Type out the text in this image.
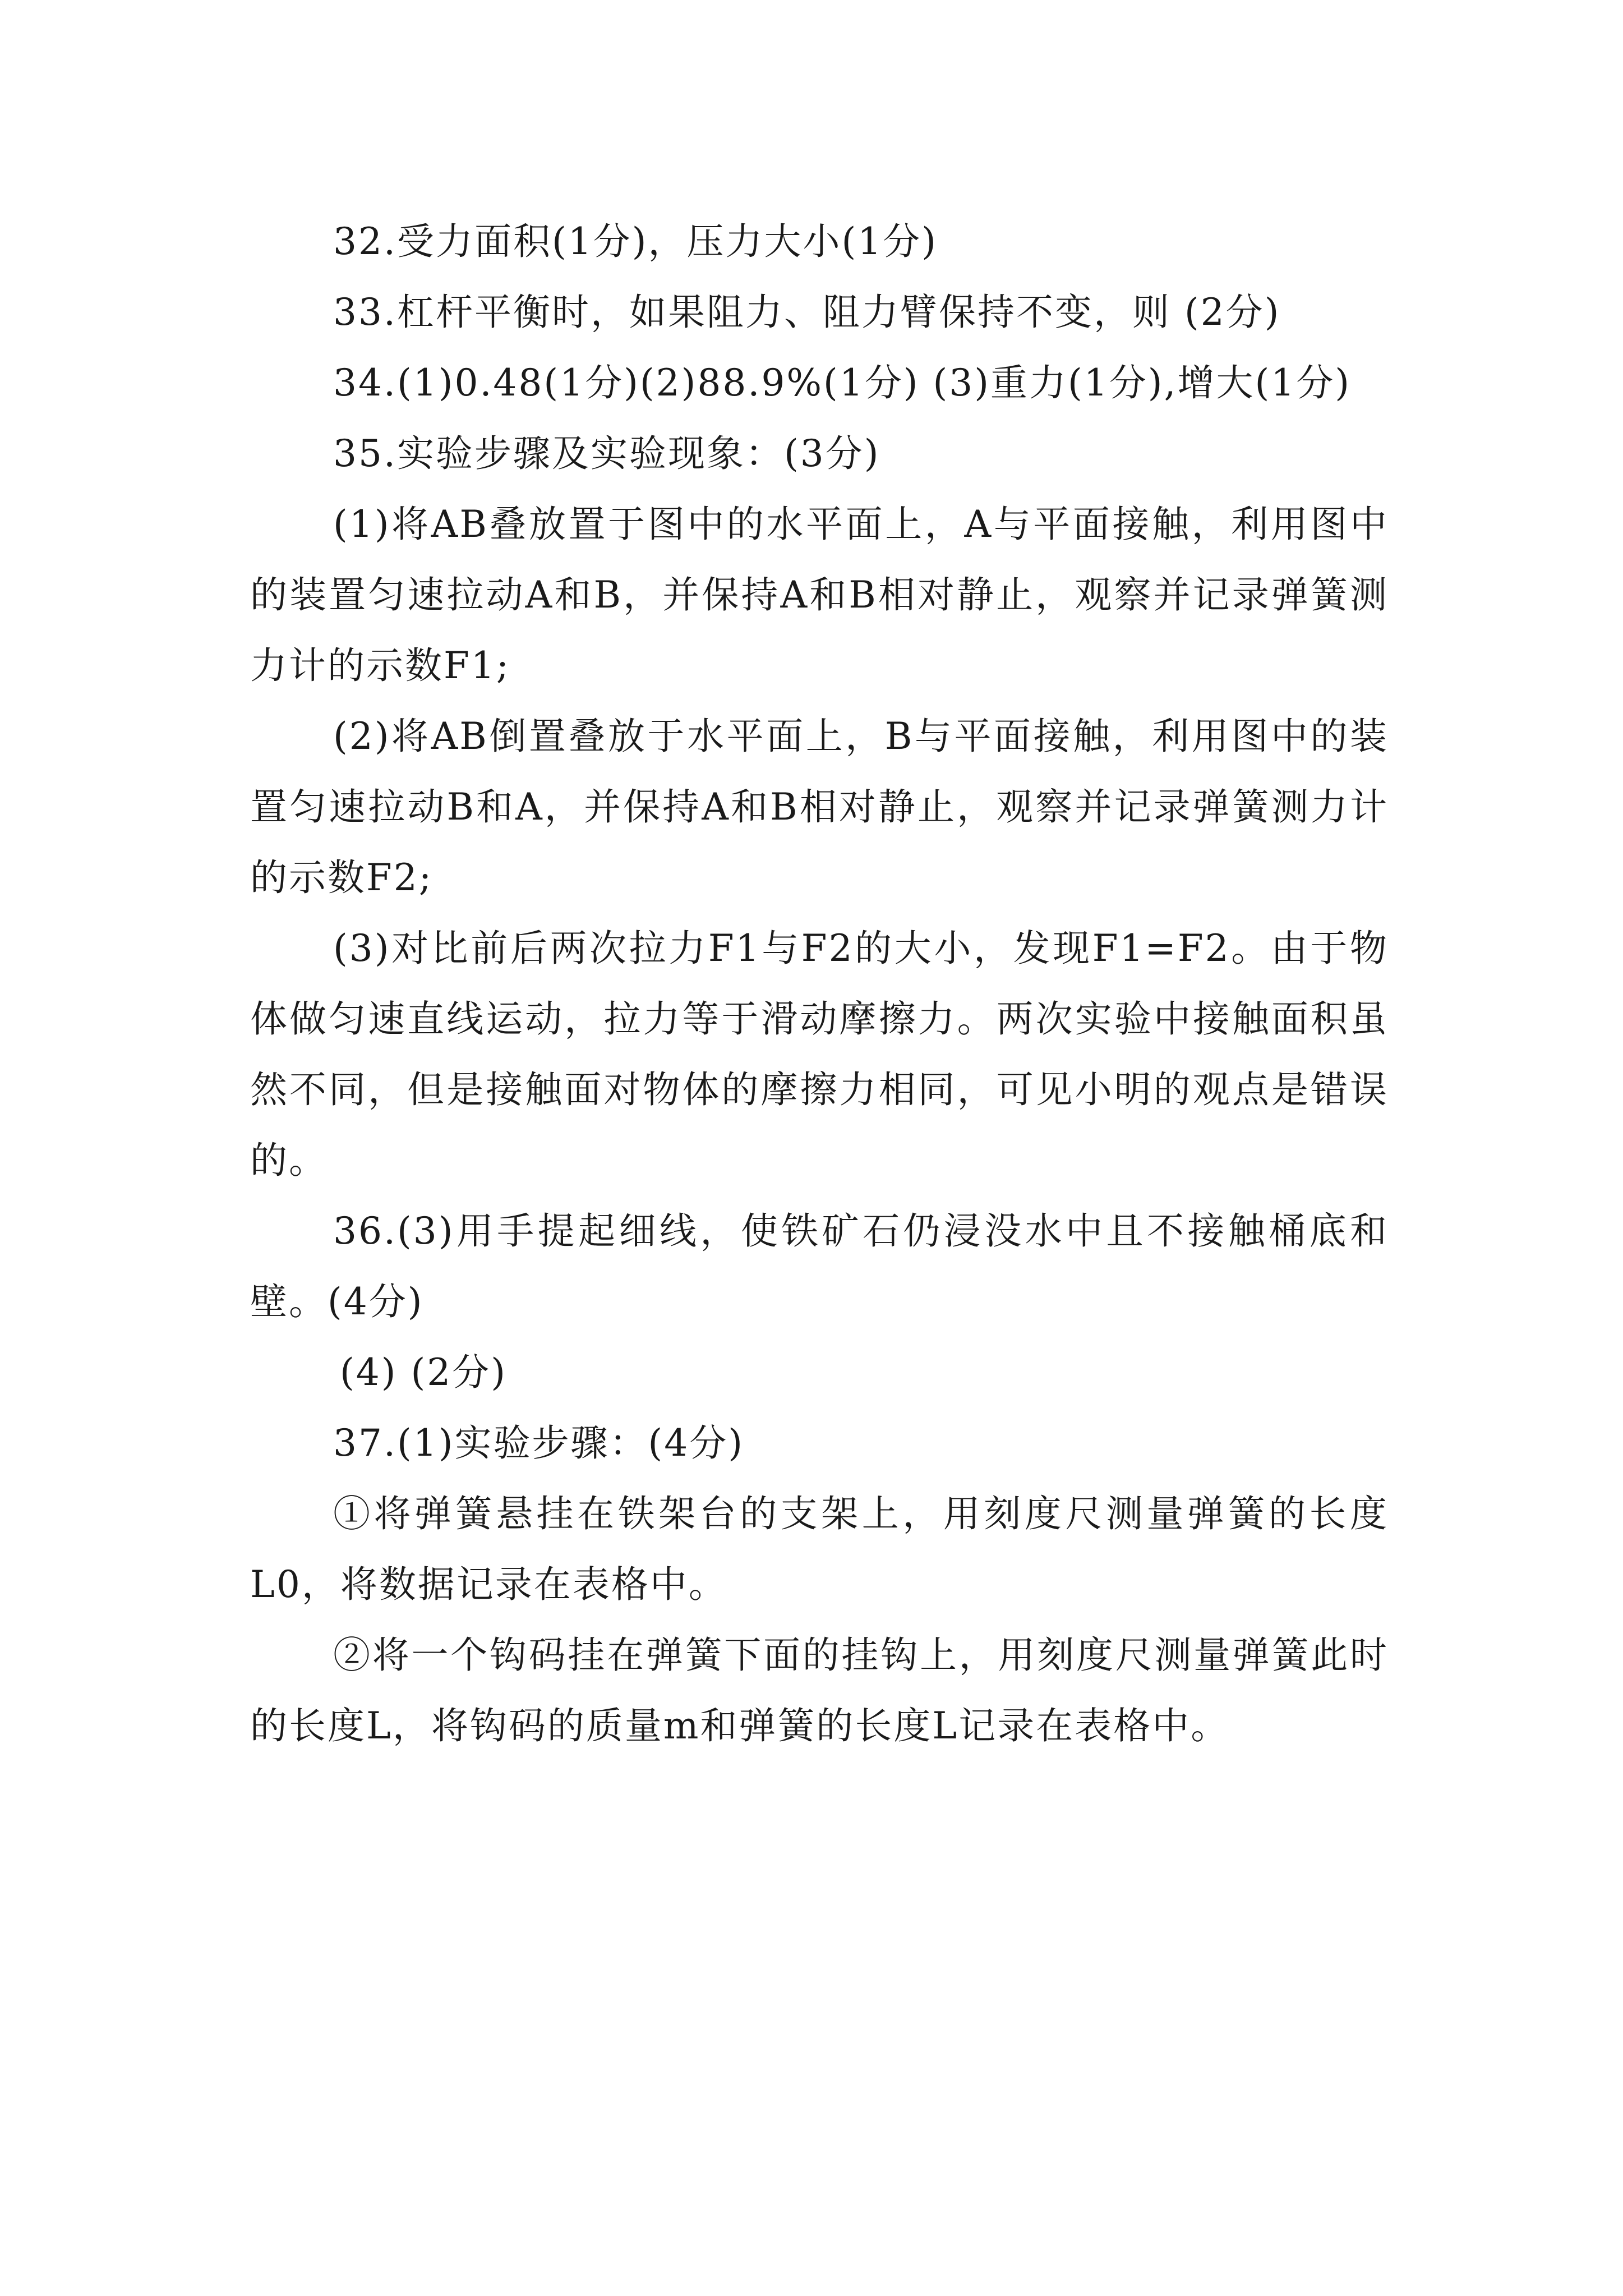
32.受力面积(1分)，压力大小(1分)

33.杠杆平衡时，如果阻力、阻力臂保持不变，则 (2分)

34.(1)0.48(1分)(2)88.9%(1分) (3)重力(1分),增大(1分)

35.实验步骤及实验现象：(3分)

(1)将AB叠放置于图中的水平面上，A与平面接触，利用图中的装置匀速拉动A和B，并保持A和B相对静止，观察并记录弹簧测力计的示数F1;

(2)将AB倒置叠放于水平面上，B与平面接触，利用图中的装置匀速拉动B和A，并保持A和B相对静止，观察并记录弹簧测力计的示数F2;

(3)对比前后两次拉力F1与F2的大小，发现F1=F2。由于物体做匀速直线运动，拉力等于滑动摩擦力。两次实验中接触面积虽然不同，但是接触面对物体的摩擦力相同，可见小明的观点是错误的。

36.(3)用手提起细线，使铁矿石仍浸没水中且不接触桶底和壁。(4分)

(4) (2分)

37.(1)实验步骤：(4分)

①将弹簧悬挂在铁架台的支架上，用刻度尺测量弹簧的长度L0，将数据记录在表格中。

②将一个钩码挂在弹簧下面的挂钩上，用刻度尺测量弹簧此时的长度L，将钩码的质量m和弹簧的长度L记录在表格中。
